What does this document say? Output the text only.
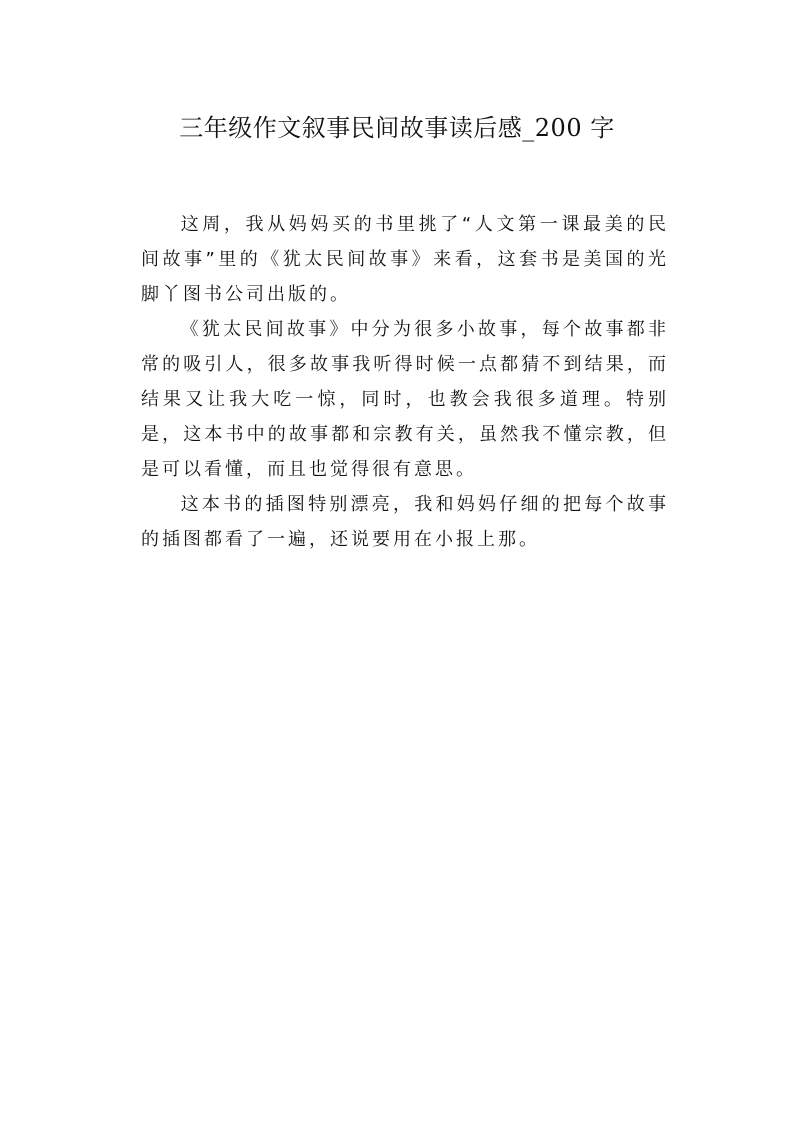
三年级作文叙事民间故事读后感_200 字

这周，我从妈妈买的书里挑了“人文第一课最美的民间故事”里的《犹太民间故事》来看，这套书是美国的光脚丫图书公司出版的。

《犹太民间故事》中分为很多小故事，每个故事都非常的吸引人，很多故事我听得时候一点都猜不到结果，而结果又让我大吃一惊，同时，也教会我很多道理。特别是，这本书中的故事都和宗教有关，虽然我不懂宗教，但是可以看懂，而且也觉得很有意思。

这本书的插图特别漂亮，我和妈妈仔细的把每个故事的插图都看了一遍，还说要用在小报上那。
